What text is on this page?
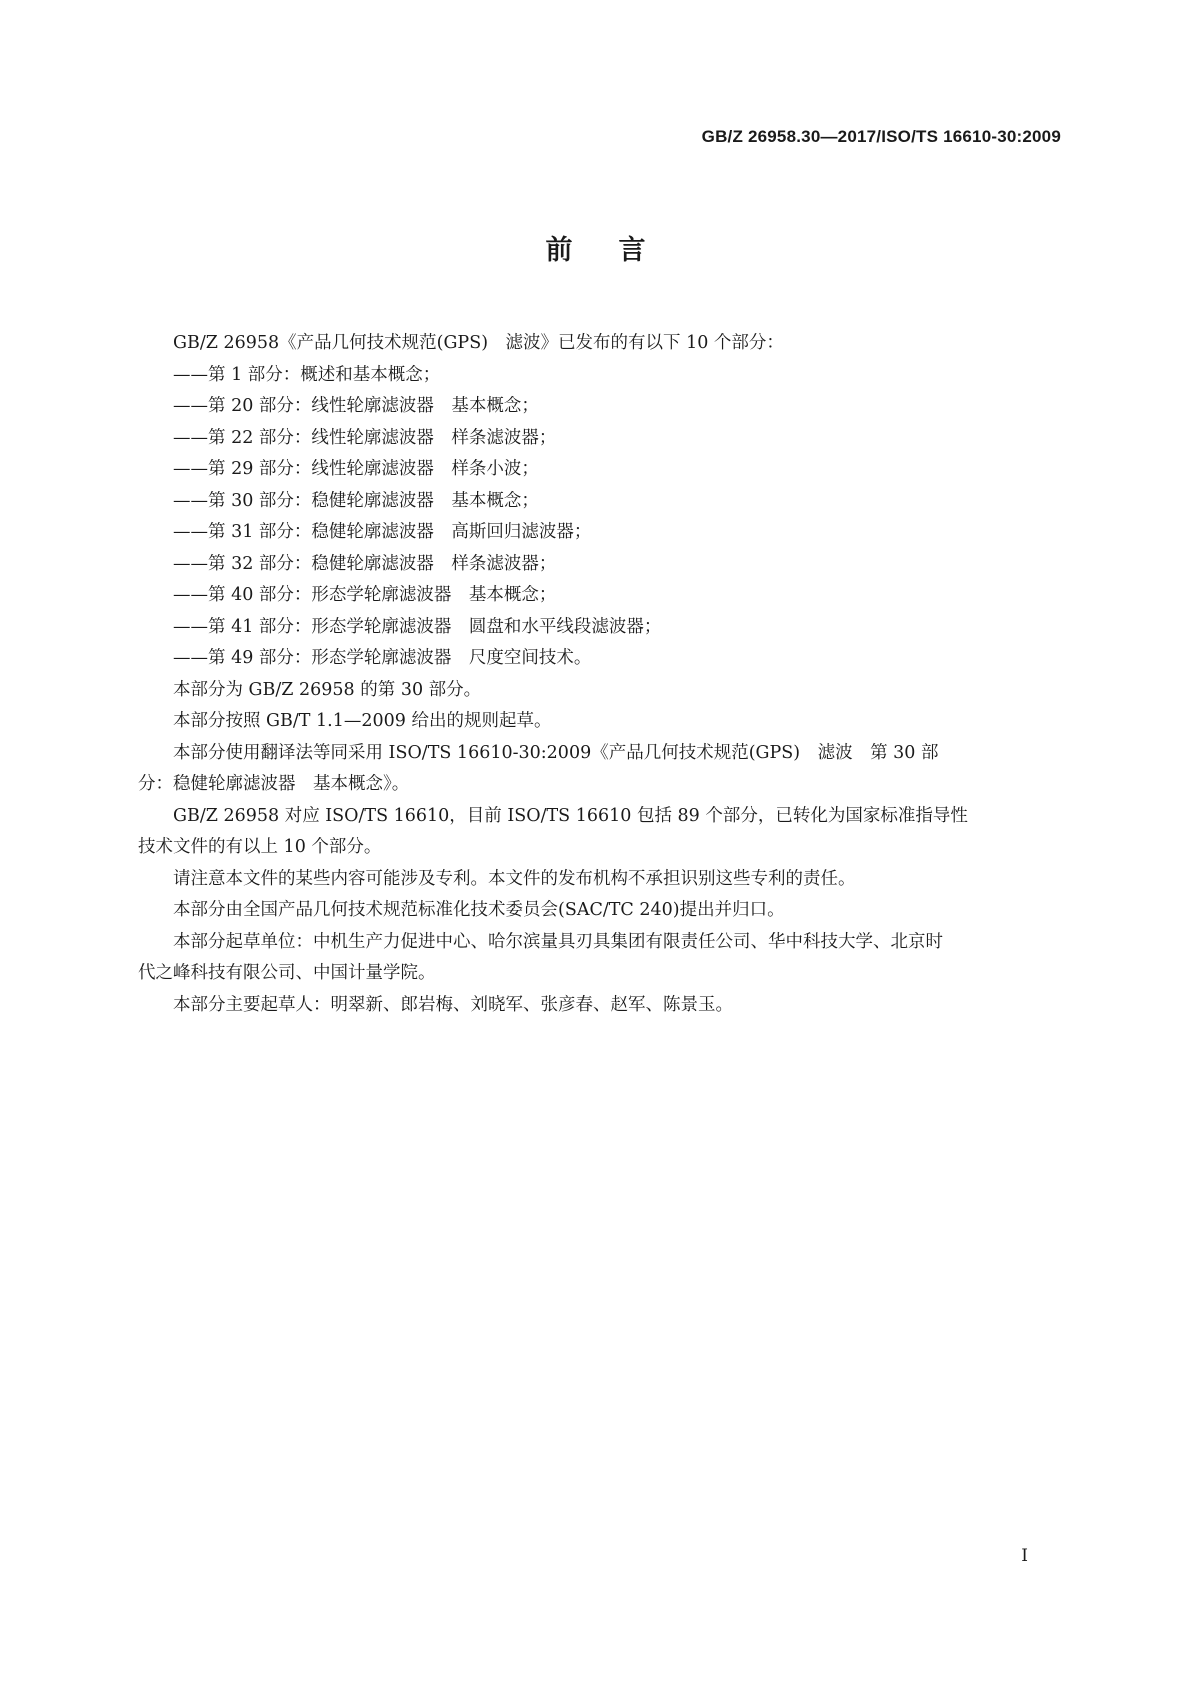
GB/Z 26958.30—2017/ISO/TS 16610-30:2009
前言
GB/Z 26958《产品几何技术规范(GPS)　滤波》已发布的有以下 10 个部分：
——第 1 部分：概述和基本概念；
——第 20 部分：线性轮廓滤波器　基本概念；
——第 22 部分：线性轮廓滤波器　样条滤波器；
——第 29 部分：线性轮廓滤波器　样条小波；
——第 30 部分：稳健轮廓滤波器　基本概念；
——第 31 部分：稳健轮廓滤波器　高斯回归滤波器；
——第 32 部分：稳健轮廓滤波器　样条滤波器；
——第 40 部分：形态学轮廓滤波器　基本概念；
——第 41 部分：形态学轮廓滤波器　圆盘和水平线段滤波器；
——第 49 部分：形态学轮廓滤波器　尺度空间技术。
本部分为 GB/Z 26958 的第 30 部分。
本部分按照 GB/T 1.1—2009 给出的规则起草。
本部分使用翻译法等同采用 ISO/TS 16610-30:2009《产品几何技术规范(GPS)　滤波　第 30 部
分：稳健轮廓滤波器　基本概念》。
GB/Z 26958 对应 ISO/TS 16610，目前 ISO/TS 16610 包括 89 个部分，已转化为国家标准指导性
技术文件的有以上 10 个部分。
请注意本文件的某些内容可能涉及专利。本文件的发布机构不承担识别这些专利的责任。
本部分由全国产品几何技术规范标准化技术委员会(SAC/TC 240)提出并归口。
本部分起草单位：中机生产力促进中心、哈尔滨量具刃具集团有限责任公司、华中科技大学、北京时
代之峰科技有限公司、中国计量学院。
本部分主要起草人：明翠新、郎岩梅、刘晓军、张彦春、赵军、陈景玉。
I
